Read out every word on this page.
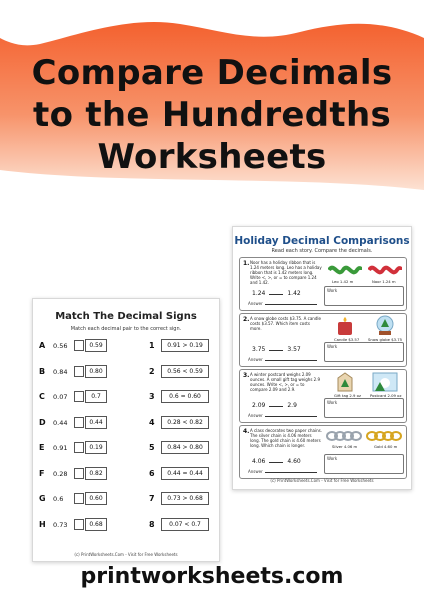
Compare Decimals
to the Hundredths
Worksheets
Match The Decimal Signs
Match each decimal pair to the correct sign.
A 0.56	0.59
B 0.84	0.80
C	0.07	0.7
D 0.44	0.44
E	0.91	0.19
F	0.28	0.82
G 0.6	0.60
H 0.73	0.68
1	0.91 > 0.19
2	0.56 < 0.59
3	0.6 = 0.60
4	0.28 < 0.82
5	0.84 > 0.80
6	0.44 = 0.44
7	0.73 > 0.68
8	0.07 < 0.7
(c) PrintWorksheets.Com - Visit for Free Worksheets
Holiday Decimal Comparisons
Read each story. Compare the decimals.
1. Noor has a holiday ribbon that is 1.24 meters long. Leo has a holiday ribbon that is 1.42 meters long. Write <, >, or = to compare 1.24 and 1.42.
1.24	1.42
Leo 1.42 m	Noor 1.24 m
Work
Answer
2. A snow globe costs $3.75. A candle costs $3.57. Which item costs more.
3.75	3.57
Candle $3.57 Snow globe $3.75
Work
Answer
3. A winter postcard weighs 2.09 ounces. A small gift tag weighs 2.9 ounces. Write <, >, or = to compare 2.09 and 2.9.
2.09	2.9
Gift tag 2.9 oz Postcard 2.09 oz
Work
Answer
4. A class decorates two paper chains. The silver chain is 4.06 meters long. The gold chain is 4.60 meters long. Which chain is longer.
4.06	4.60
Silver 4.06 m	Gold 4.60 m
Work
Answer
(c) PrintWorksheets.Com - Visit for Free Worksheets
printworksheets.com
